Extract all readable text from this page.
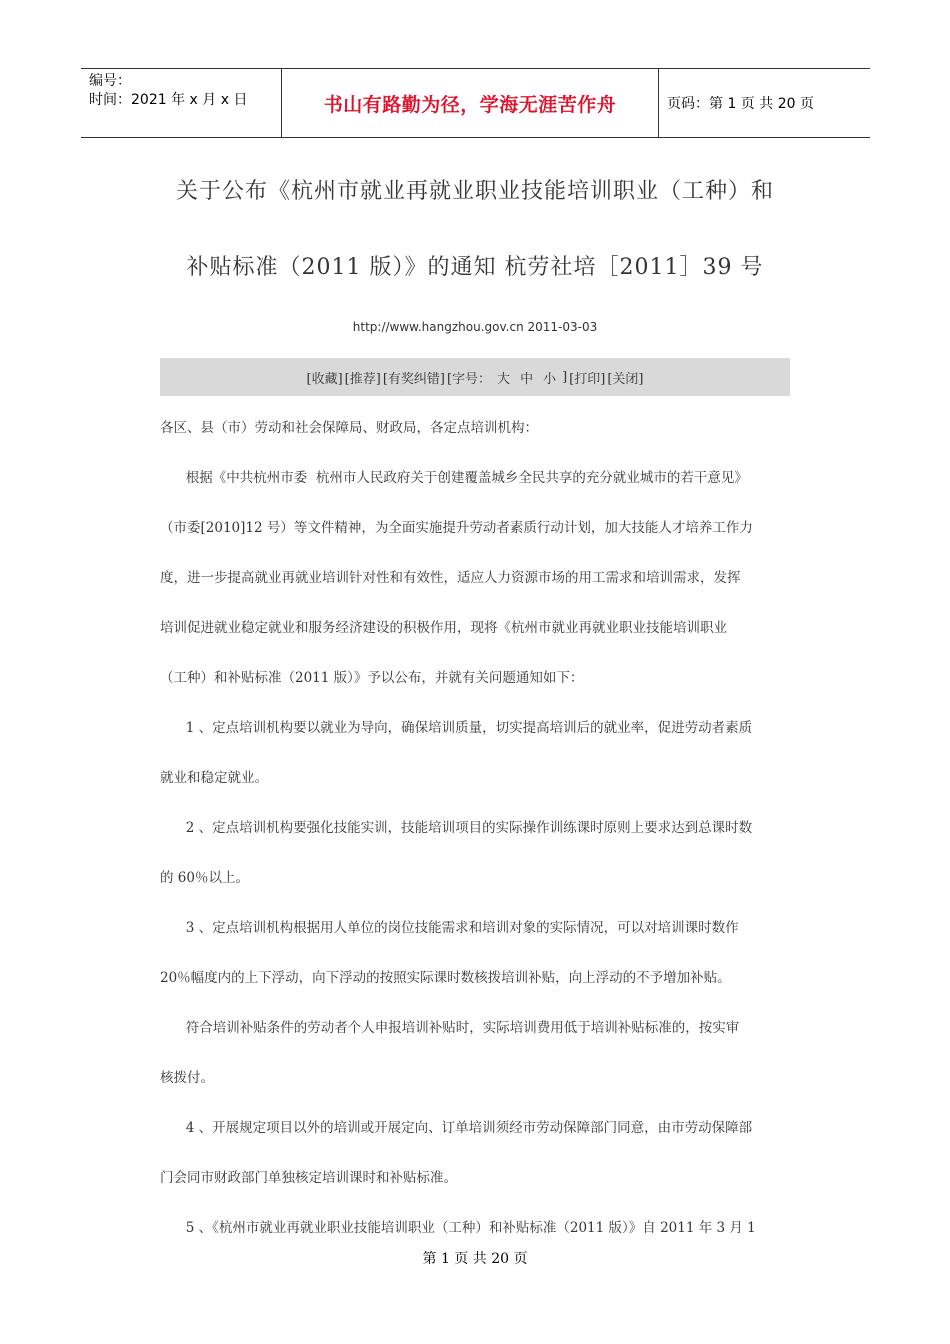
编号：
时间：2021 年 x 月 x 日	书山有路勤为径，学海无涯苦作舟	页码：第 1 页 共 20 页
关于公布《杭州市就业再就业职业技能培训职业（工种）和
补贴标准（2011 版）》的通知 杭劳社培［2011］39 号
http://www.hangzhou.gov.cn 2011-03-03
[收藏] [推荐] [有奖纠错] [字号： 大 中 小 ] [打印] [关闭]
各区、县（市）劳动和社会保障局、财政局，各定点培训机构：
根据《中共杭州市委  杭州市人民政府关于创建覆盖城乡全民共享的充分就业城市的若干意见》
（市委[2010]12 号）等文件精神，为全面实施提升劳动者素质行动计划，加大技能人才培养工作力
度，进一步提高就业再就业培训针对性和有效性，适应人力资源市场的用工需求和培训需求，发挥
培训促进就业稳定就业和服务经济建设的积极作用，现将《杭州市就业再就业职业技能培训职业
（工种）和补贴标准（2011 版）》予以公布，并就有关问题通知如下：
1 、定点培训机构要以就业为导向，确保培训质量，切实提高培训后的就业率，促进劳动者素质
就业和稳定就业。
2 、定点培训机构要强化技能实训，技能培训项目的实际操作训练课时原则上要求达到总课时数
的 60％以上。
3 、定点培训机构根据用人单位的岗位技能需求和培训对象的实际情况，可以对培训课时数作
20％幅度内的上下浮动，向下浮动的按照实际课时数核拨培训补贴，向上浮动的不予增加补贴。
符合培训补贴条件的劳动者个人申报培训补贴时，实际培训费用低于培训补贴标准的，按实审
核拨付。
4 、开展规定项目以外的培训或开展定向、订单培训须经市劳动保障部门同意，由市劳动保障部
门会同市财政部门单独核定培训课时和补贴标准。
5 、《杭州市就业再就业职业技能培训职业（工种）和补贴标准（2011 版）》自 2011 年 3 月 1
第 1 页 共 20 页
